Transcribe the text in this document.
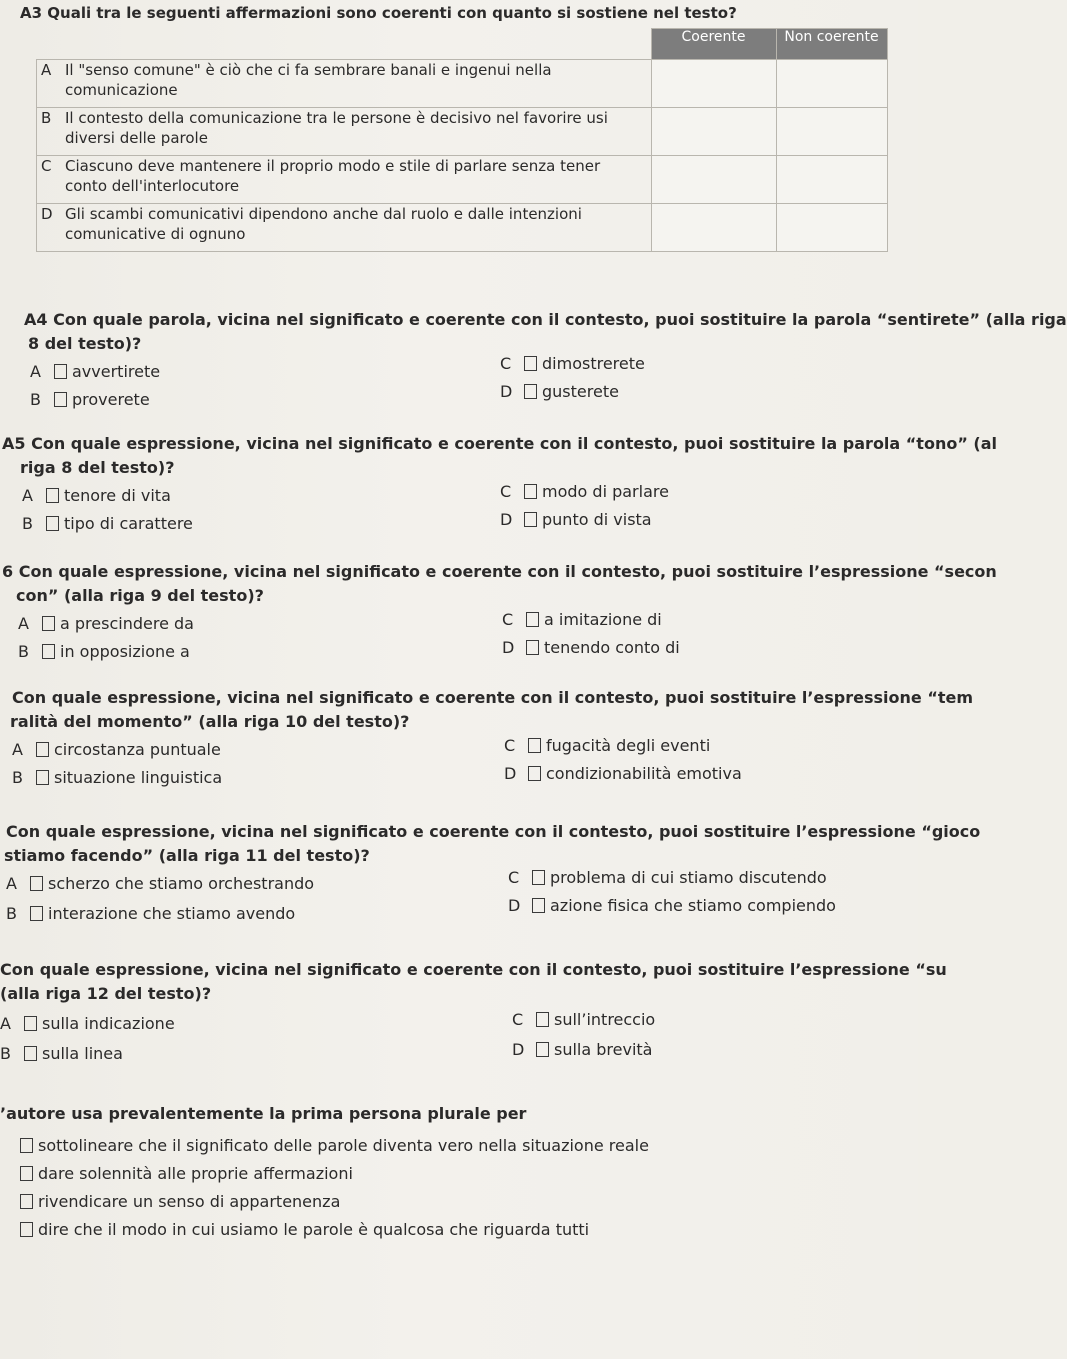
A3 Quali tra le seguenti affermazioni sono coerenti con quanto si sostiene nel testo?
	Coerente	Non coerente
A Il "senso comune" è ciò che ci fa sembrare banali e ingenui nella
comunicazione		
B Il contesto della comunicazione tra le persone è decisivo nel favorire usi
diversi delle parole		
C Ciascuno deve mantenere il proprio modo e stile di parlare senza tener
conto dell'interlocutore		
D Gli scambi comunicativi dipendono anche dal ruolo e dalle intenzioni
comunicative di ognuno		
A4 Con quale parola, vicina nel significato e coerente con il contesto, puoi sostituire la parola “sentirete” (alla riga
8 del testo)?
A avvertirete
B proverete
C dimostrerete
D gusterete
A5 Con quale espressione, vicina nel significato e coerente con il contesto, puoi sostituire la parola “tono” (al
riga 8 del testo)?
A tenore di vita
B tipo di carattere
C modo di parlare
D punto di vista
6 Con quale espressione, vicina nel significato e coerente con il contesto, puoi sostituire l’espressione “secon
con” (alla riga 9 del testo)?
A a prescindere da
B in opposizione a
C a imitazione di
D tenendo conto di
Con quale espressione, vicina nel significato e coerente con il contesto, puoi sostituire l’espressione “tem
ralità del momento” (alla riga 10 del testo)?
A circostanza puntuale
B situazione linguistica
C fugacità degli eventi
D condizionabilità emotiva
Con quale espressione, vicina nel significato e coerente con il contesto, puoi sostituire l’espressione “gioco
stiamo facendo” (alla riga 11 del testo)?
A scherzo che stiamo orchestrando
B interazione che stiamo avendo
C problema di cui stiamo discutendo
D azione fisica che stiamo compiendo
Con quale espressione, vicina nel significato e coerente con il contesto, puoi sostituire l’espressione “su
(alla riga 12 del testo)?
A sulla indicazione
B sulla linea
C sull’intreccio
D sulla brevità
’autore usa prevalentemente la prima persona plurale per
sottolineare che il significato delle parole diventa vero nella situazione reale
dare solennità alle proprie affermazioni
rivendicare un senso di appartenenza
dire che il modo in cui usiamo le parole è qualcosa che riguarda tutti
